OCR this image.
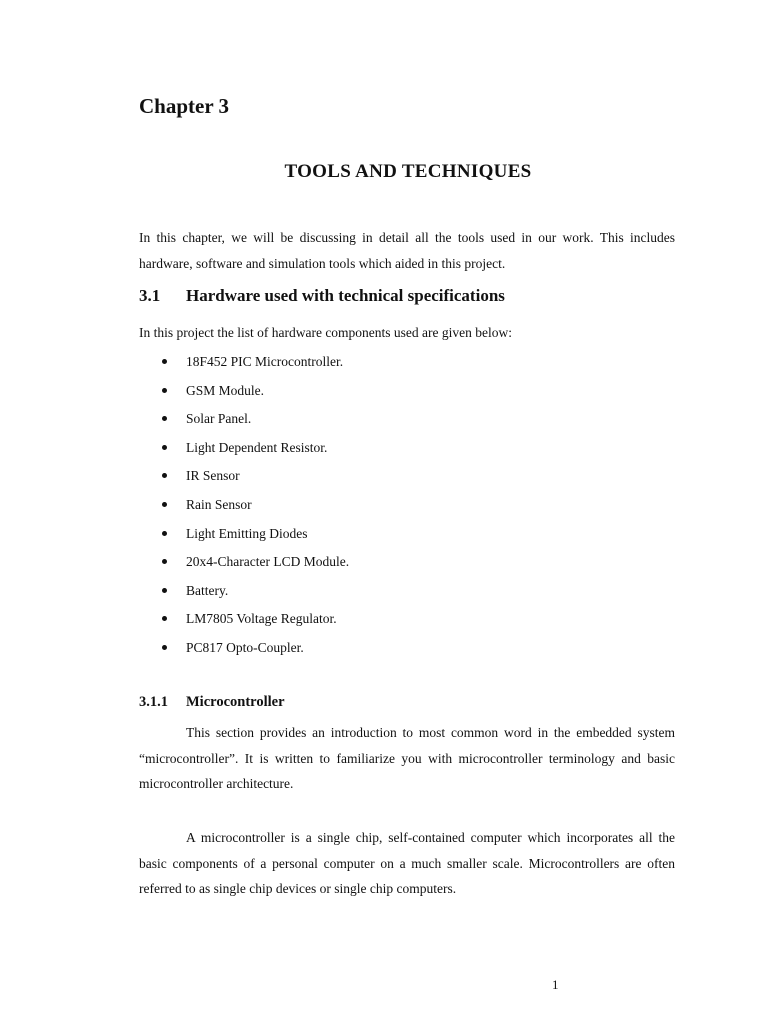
Chapter 3
TOOLS AND TECHNIQUES

In this chapter, we will be discussing in detail all the tools used in our work. This includes hardware, software and simulation tools which aided in this project.

3.1 Hardware used with technical specifications

In this project the list of hardware components used are given below:

18F452 PIC Microcontroller.
GSM Module.
Solar Panel.
Light Dependent Resistor.
IR Sensor
Rain Sensor
Light Emitting Diodes
20x4-Character LCD Module.
Battery.
LM7805 Voltage Regulator.
PC817 Opto-Coupler.
3.1.1 Microcontroller

This section provides an introduction to most common word in the embedded system “microcontroller”. It is written to familiarize you with microcontroller terminology and basic microcontroller architecture.

A microcontroller is a single chip, self-contained computer which incorporates all the basic components of a personal computer on a much smaller scale. Microcontrollers are often referred to as single chip devices or single chip computers.

1
